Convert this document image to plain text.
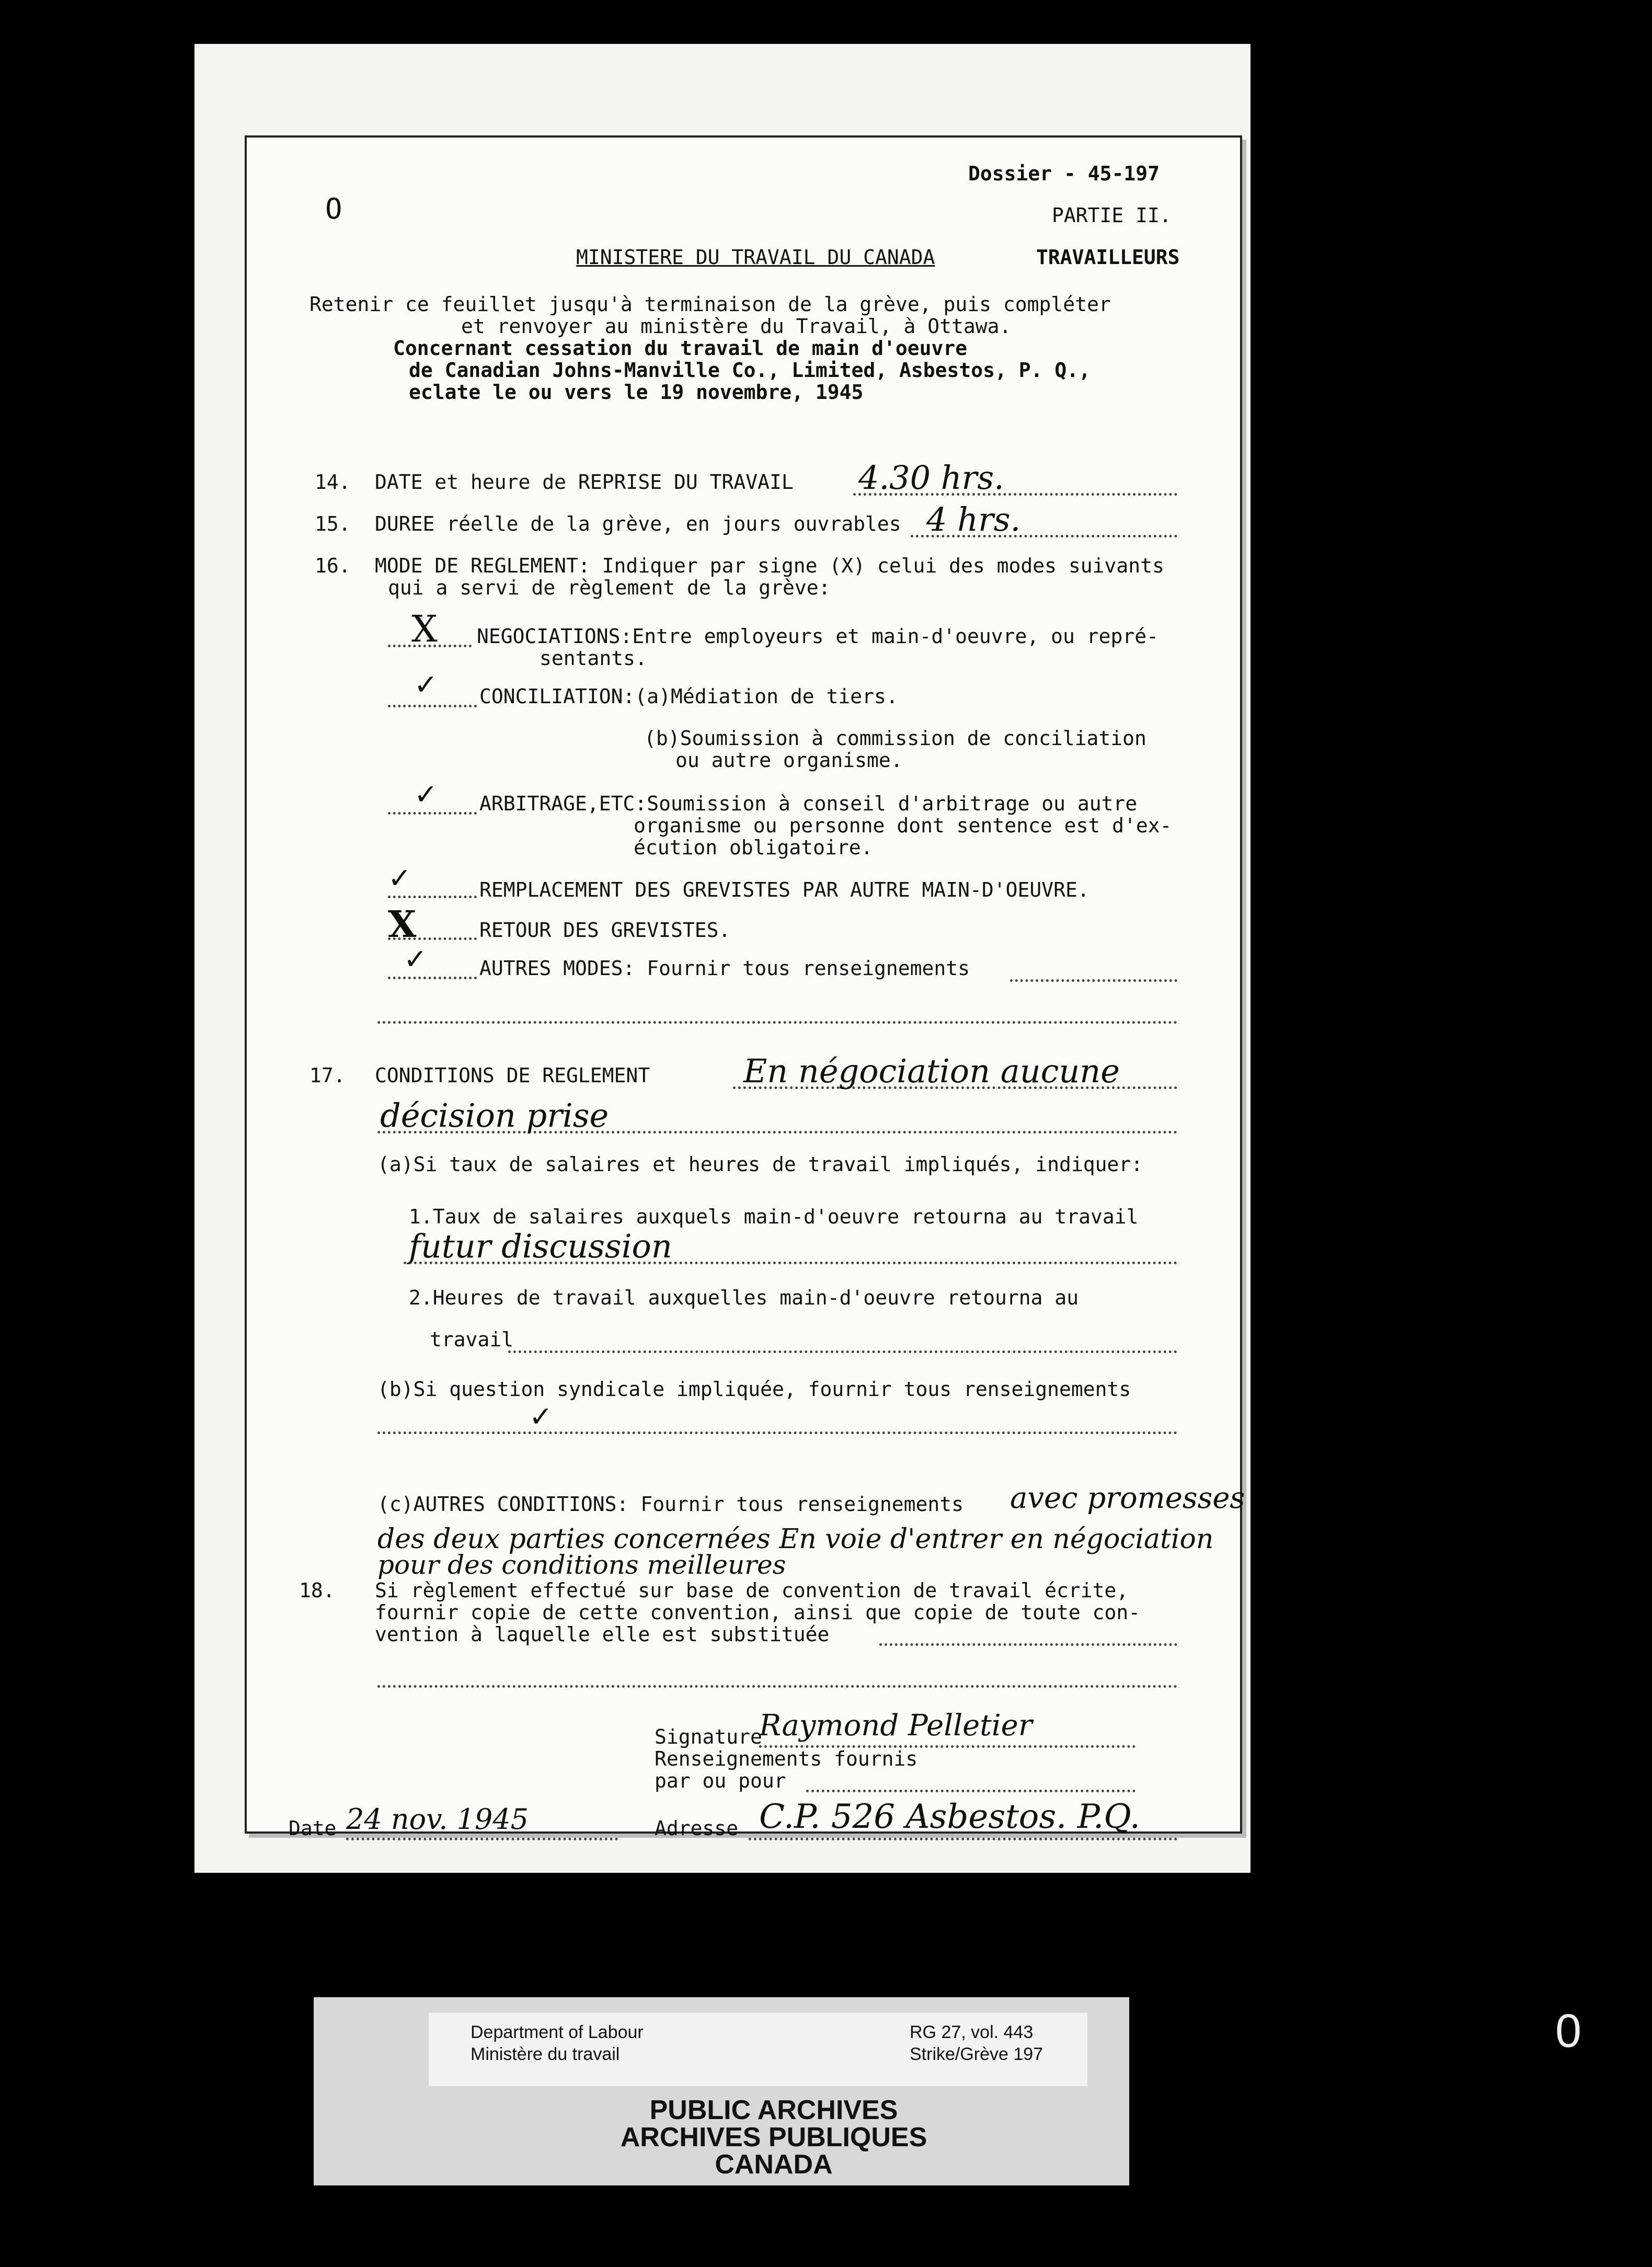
O
Dossier - 45-197
PARTIE II.
MINISTERE DU TRAVAIL DU CANADA	TRAVAILLEURS
Retenir ce feuillet jusqu'à terminaison de la grève, puis compléter
et renvoyer au ministère du Travail, à Ottawa.
Concernant cessation du travail de main d'oeuvre
de Canadian Johns-Manville Co., Limited, Asbestos, P. Q.,
eclate le ou vers le 19 novembre, 1945
14. DATE et heure de REPRISE DU TRAVAIL 4.30 hrs.
15. DUREE réelle de la grève, en jours ouvrables 4 hrs.
16. MODE DE REGLEMENT: Indiquer par signe (X) celui des modes suivants
qui a servi de règlement de la grève:
X NEGOCIATIONS:Entre employeurs et main-d'oeuvre, ou repré-
sentants.
✓ CONCILIATION:(a)Médiation de tiers.
(b)Soumission à commission de conciliation
ou autre organisme.
✓ ARBITRAGE,ETC:Soumission à conseil d'arbitrage ou autre
organisme ou personne dont sentence est d'ex-
écution obligatoire.
✓	REMPLACEMENT DES GREVISTES PAR AUTRE MAIN-D'OEUVRE.
X	RETOUR DES GREVISTES.
✓	AUTRES MODES: Fournir tous renseignements
17. CONDITIONS DE REGLEMENT	En négociation aucune
décision prise
(a)Si taux de salaires et heures de travail impliqués, indiquer:
1.Taux de salaires auxquels main-d'oeuvre retourna au travail
futur discussion
2.Heures de travail auxquelles main-d'oeuvre retourna au
travail
(b)Si question syndicale impliquée, fournir tous renseignements
✓
(c)AUTRES CONDITIONS: Fournir tous renseignements avec promesses
des deux parties concernées En voie d'entrer en négociation
pour des conditions meilleures
18. Si règlement effectué sur base de convention de travail écrite,
fournir copie de cette convention, ainsi que copie de toute con-
vention à laquelle elle est substituée
Signature
Raymond Pelletier
Renseignements fournis
par ou pour
Date 24 nov. 1945	Adresse C.P. 526 Asbestos. P.Q.
Department of Labour
Ministère du travail
RG 27, vol. 443
Strike/Grève 197
PUBLIC ARCHIVES
ARCHIVES PUBLIQUES
CANADA
0
